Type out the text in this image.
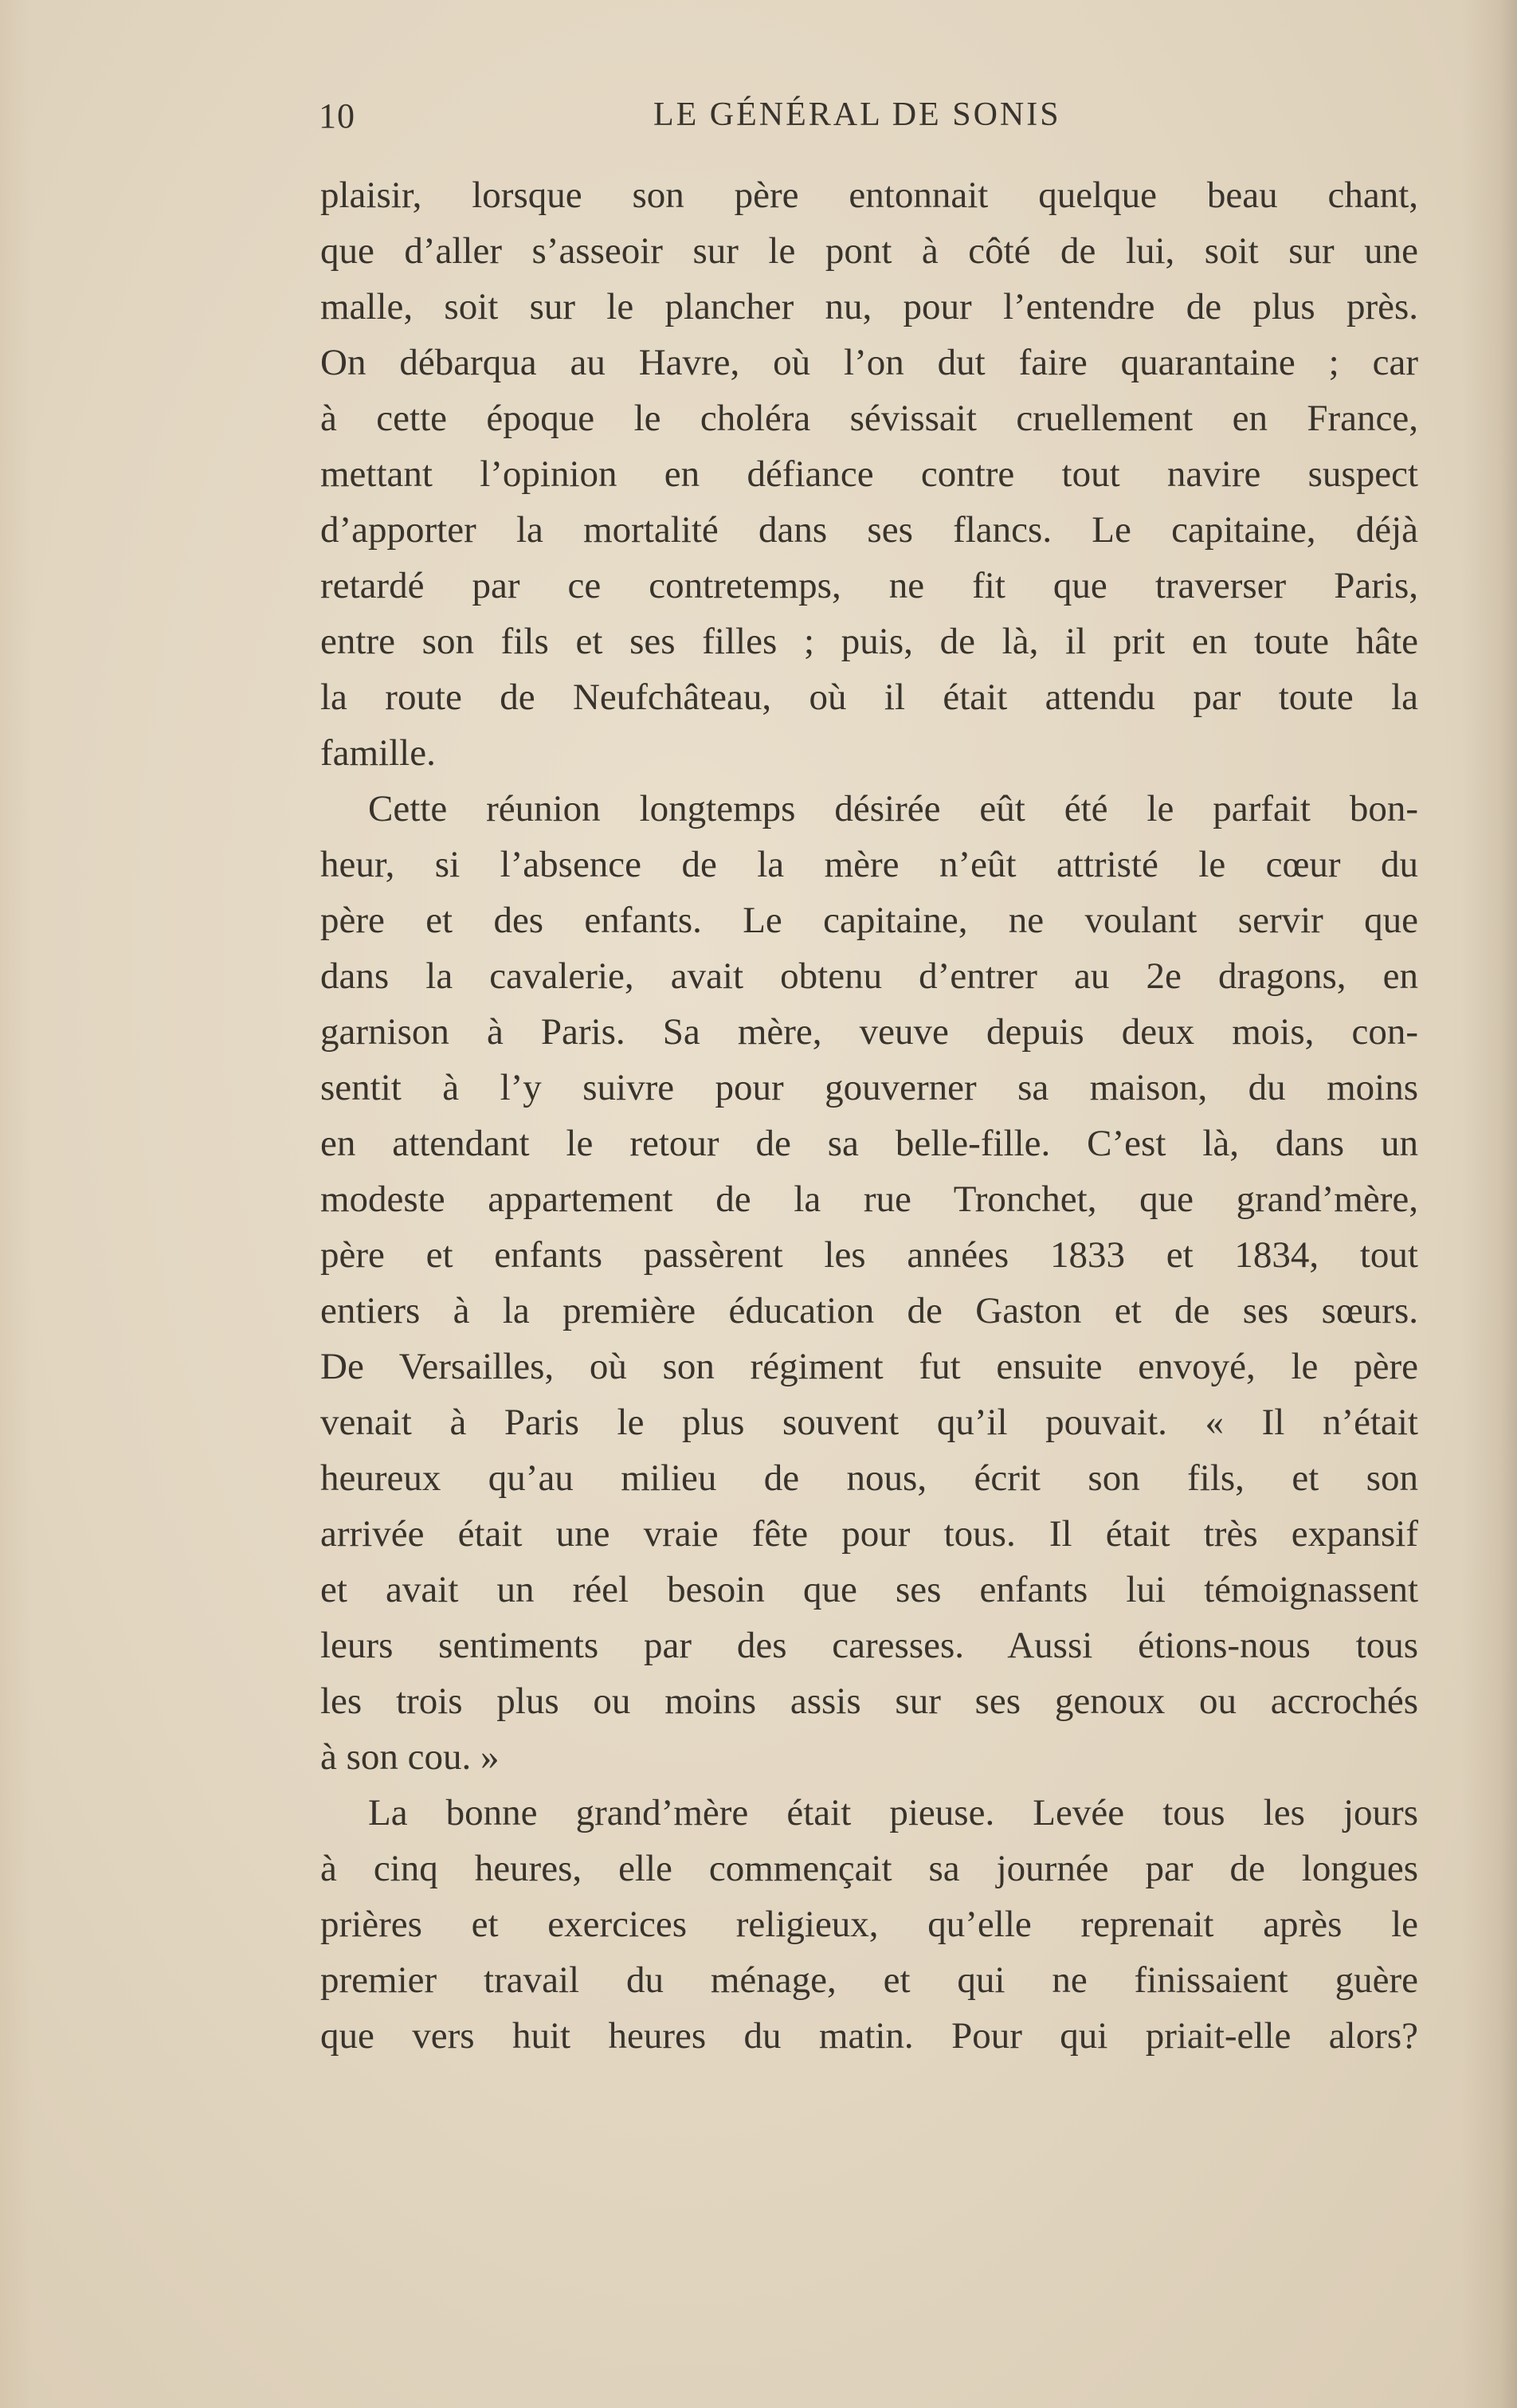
10	LE GÉNÉRAL DE SONIS
plaisir, lorsque son père entonnait quelque beau chant,
que d’aller s’asseoir sur le pont à côté de lui, soit sur une
malle, soit sur le plancher nu, pour l’entendre de plus près.
On débarqua au Havre, où l’on dut faire quarantaine ; car
à cette époque le choléra sévissait cruellement en France,
mettant l’opinion en défiance contre tout navire suspect
d’apporter la mortalité dans ses flancs. Le capitaine, déjà
retardé par ce contretemps, ne fit que traverser Paris,
entre son fils et ses filles ; puis, de là, il prit en toute hâte
la route de Neufchâteau, où il était attendu par toute la
famille.
Cette réunion longtemps désirée eût été le parfait bon-
heur, si l’absence de la mère n’eût attristé le cœur du
père et des enfants. Le capitaine, ne voulant servir que
dans la cavalerie, avait obtenu d’entrer au 2e dragons, en
garnison à Paris. Sa mère, veuve depuis deux mois, con-
sentit à l’y suivre pour gouverner sa maison, du moins
en attendant le retour de sa belle-fille. C’est là, dans un
modeste appartement de la rue Tronchet, que grand’mère,
père et enfants passèrent les années 1833 et 1834, tout
entiers à la première éducation de Gaston et de ses sœurs.
De Versailles, où son régiment fut ensuite envoyé, le père
venait à Paris le plus souvent qu’il pouvait. « Il n’était
heureux qu’au milieu de nous, écrit son fils, et son
arrivée était une vraie fête pour tous. Il était très expansif
et avait un réel besoin que ses enfants lui témoignassent
leurs sentiments par des caresses. Aussi étions-nous tous
les trois plus ou moins assis sur ses genoux ou accrochés
à son cou. »
La bonne grand’mère était pieuse. Levée tous les jours
à cinq heures, elle commençait sa journée par de longues
prières et exercices religieux, qu’elle reprenait après le
premier travail du ménage, et qui ne finissaient guère
que vers huit heures du matin. Pour qui priait-elle alors?
